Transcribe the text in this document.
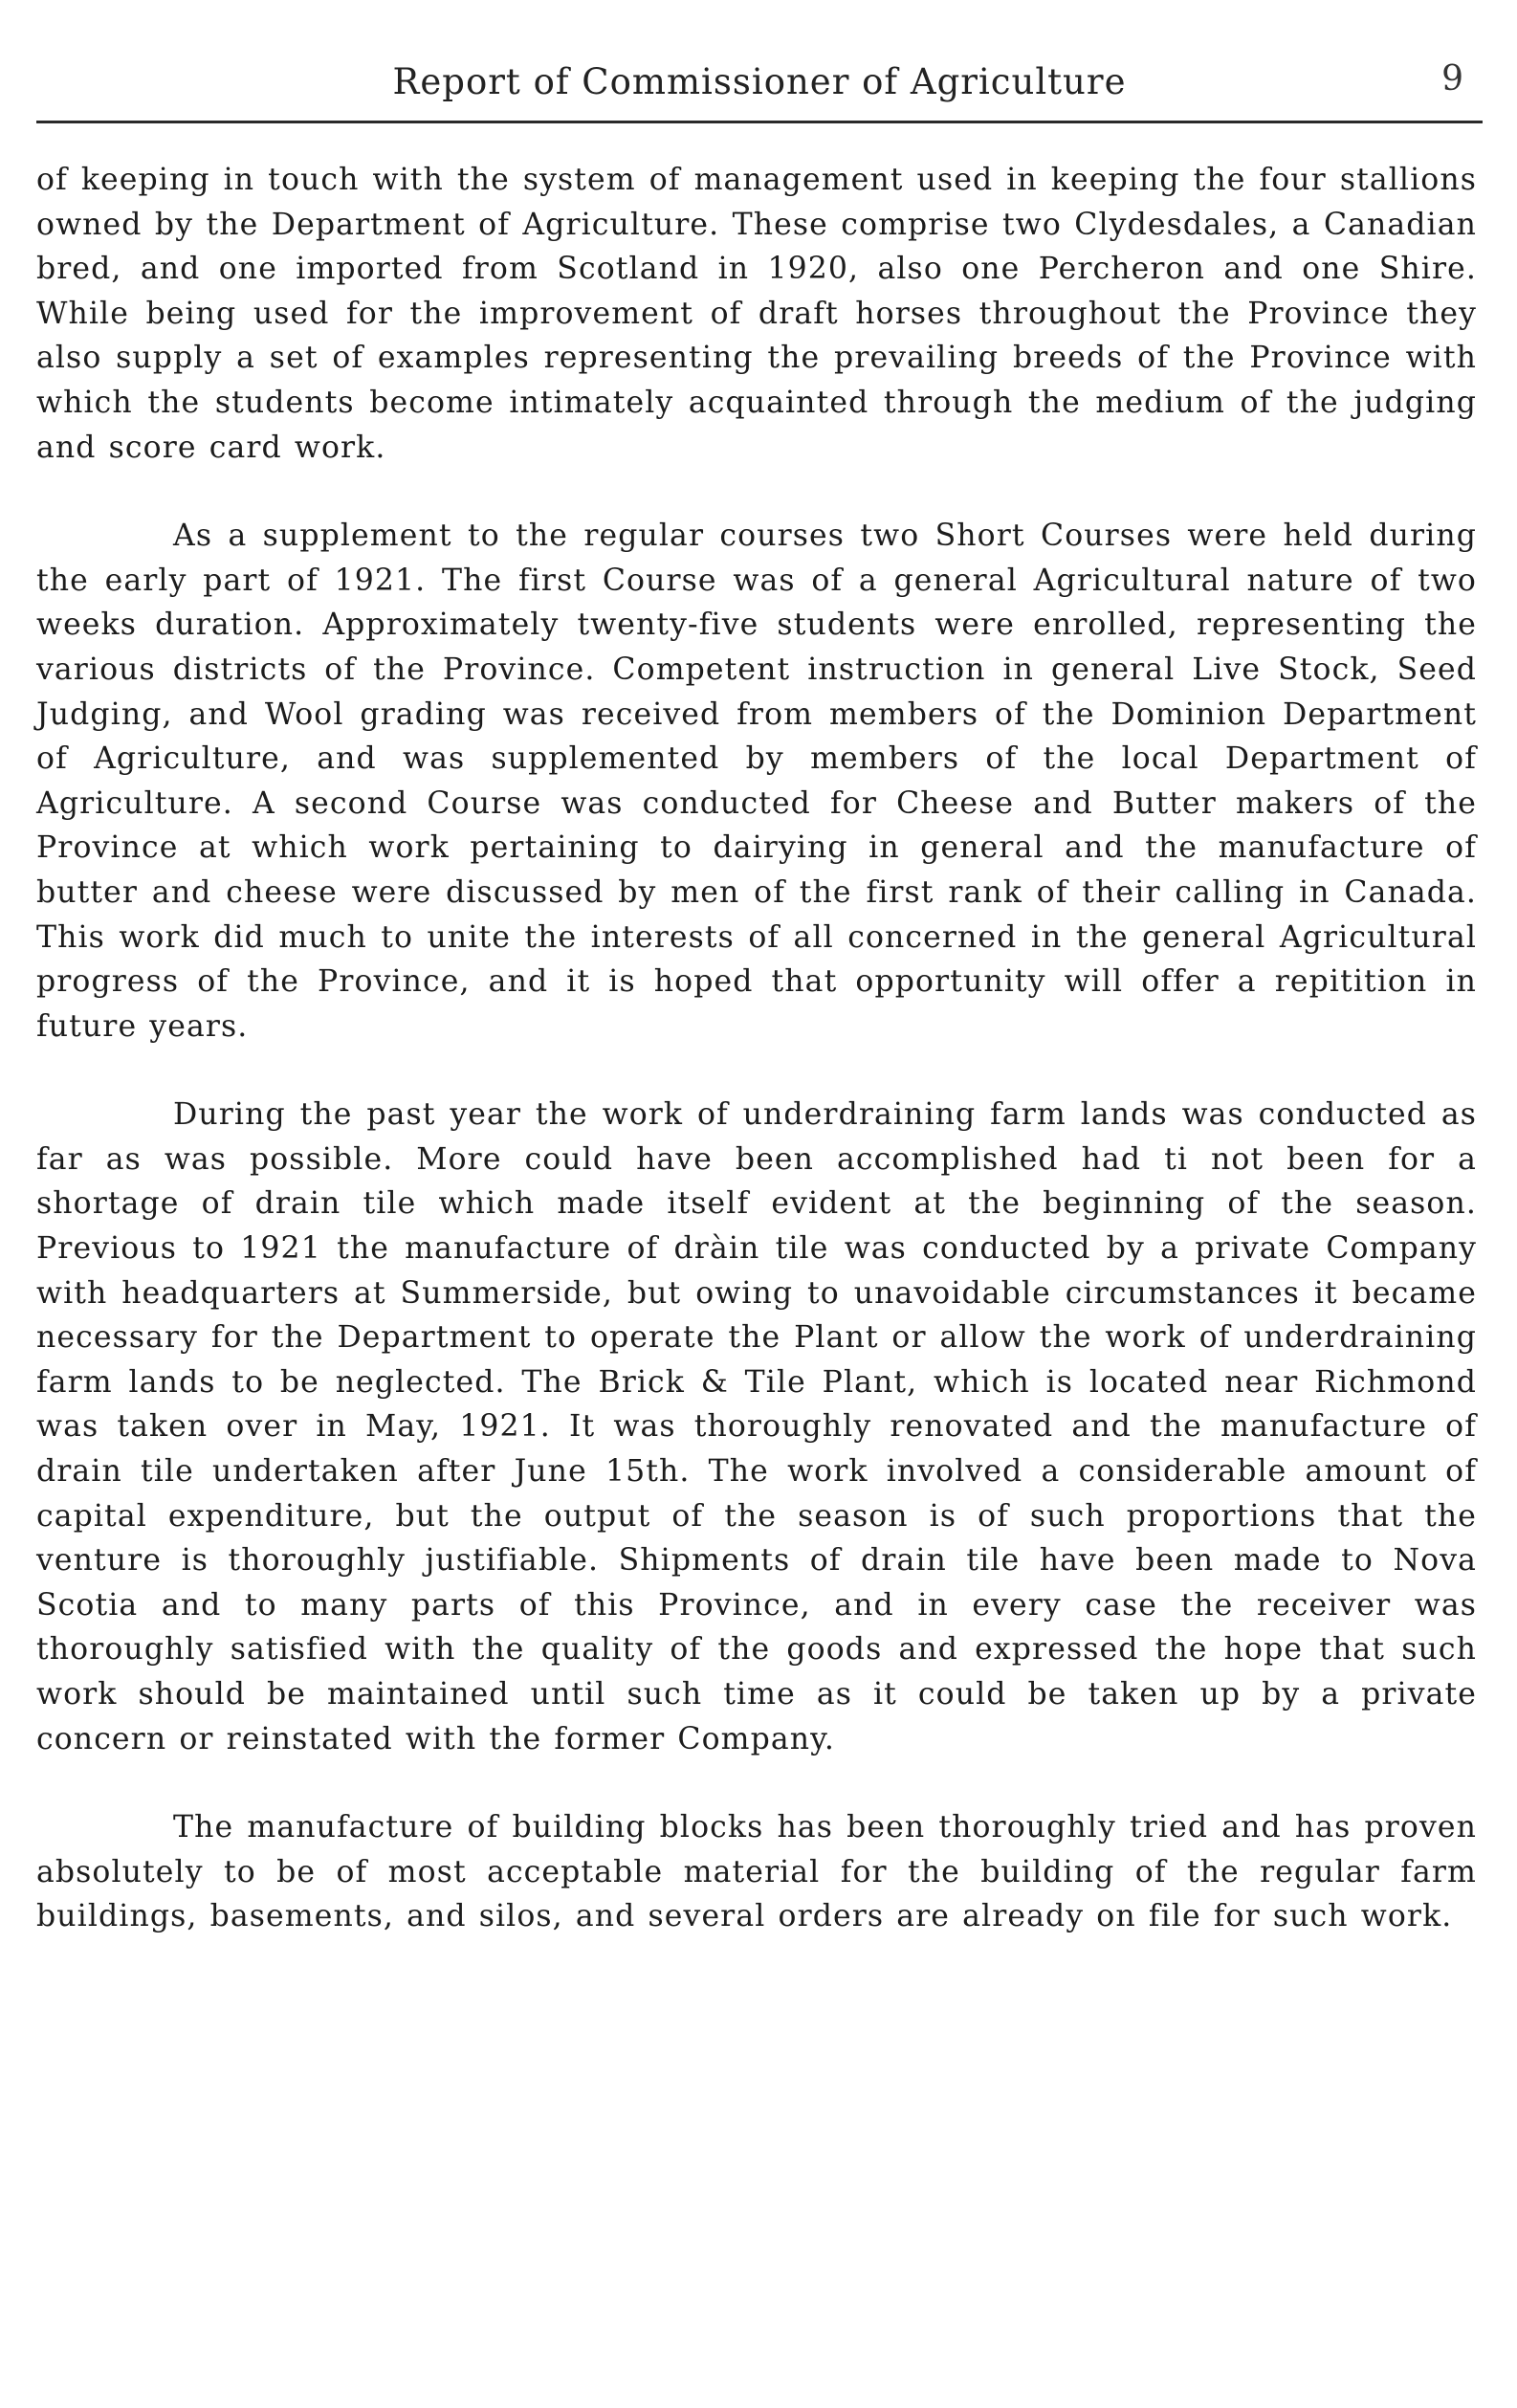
Report of Commissioner of Agriculture	9

of keeping in touch with the system of management used in keeping the four stallions owned by the Department of Agriculture. These comprise two Clydesdales, a Canadian bred, and one imported from Scotland in 1920, also one Percheron and one Shire. While being used for the improvement of draft horses throughout the Province they also supply a set of examples representing the prevailing breeds of the Province with which the students become intimately acquainted through the medium of the judging and score card work.

As a supplement to the regular courses two Short Courses were held during the early part of 1921. The first Course was of a general Agricultural nature of two weeks duration. Approximately twenty-five students were enrolled, representing the various districts of the Province. Competent instruction in general Live Stock, Seed Judging, and Wool grading was received from members of the Dominion Department of Agriculture, and was supplemented by members of the local Department of Agriculture. A second Course was conducted for Cheese and Butter makers of the Province at which work pertaining to dairying in general and the manufacture of butter and cheese were discussed by men of the first rank of their calling in Canada. This work did much to unite the interests of all concerned in the general Agricultural progress of the Province, and it is hoped that opportunity will offer a repitition in future years.

During the past year the work of underdraining farm lands was conducted as far as was possible. More could have been accomplished had ti not been for a shortage of drain tile which made itself evident at the beginning of the season. Previous to 1921 the manufacture of dràin tile was conducted by a private Company with headquarters at Summerside, but owing to unavoidable circumstances it became necessary for the Department to operate the Plant or allow the work of underdraining farm lands to be neglected. The Brick & Tile Plant, which is located near Richmond was taken over in May, 1921. It was thoroughly renovated and the manufacture of drain tile undertaken after June 15th. The work involved a considerable amount of capital expenditure, but the output of the season is of such proportions that the venture is thoroughly justifiable. Shipments of drain tile have been made to Nova Scotia and to many parts of this Province, and in every case the receiver was thoroughly satisfied with the quality of the goods and expressed the hope that such work should be maintained until such time as it could be taken up by a private concern or reinstated with the former Company.

The manufacture of building blocks has been thoroughly tried and has proven absolutely to be of most acceptable material for the building of the regular farm buildings, basements, and silos, and several orders are already on file for such work.
